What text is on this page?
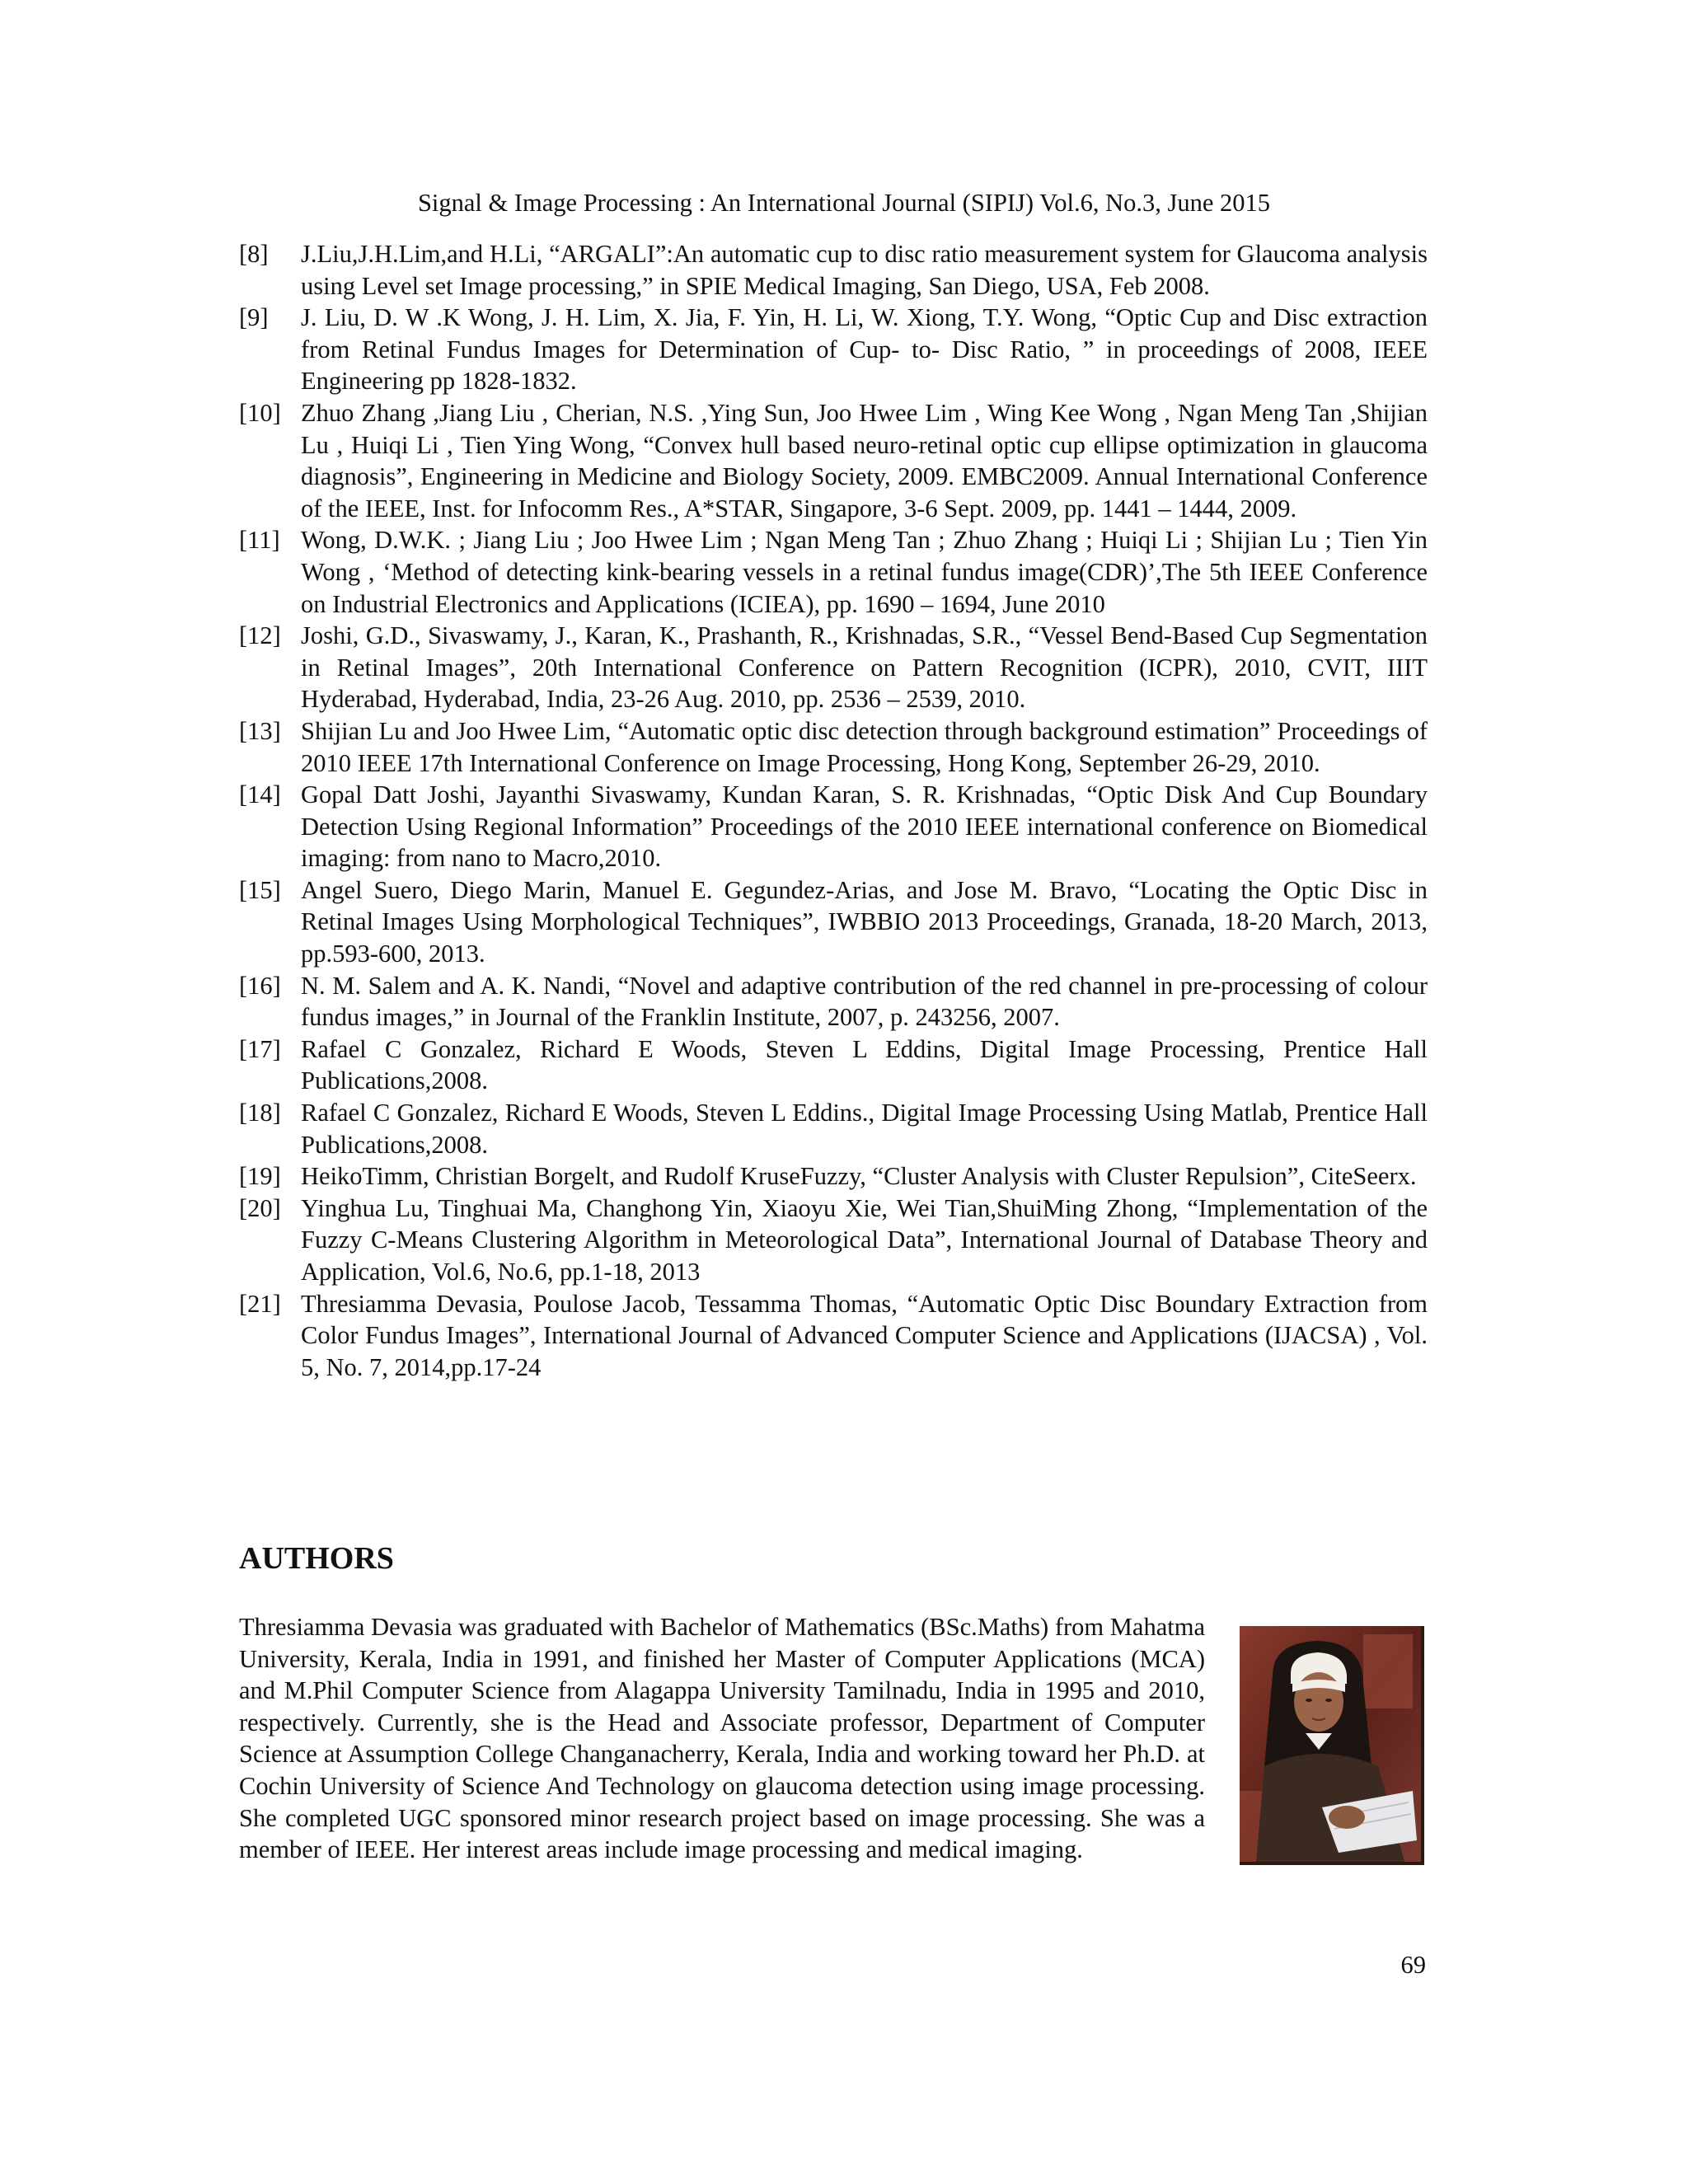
Signal & Image Processing : An International Journal (SIPIJ) Vol.6, No.3, June 2015
[8]	J.Liu,J.H.Lim,and H.Li, “ARGALI”:An automatic cup to disc ratio measurement system for Glaucoma analysis using Level set Image processing,” in SPIE Medical Imaging, San Diego, USA, Feb 2008.
[9]	J. Liu, D. W .K Wong, J. H. Lim, X. Jia, F. Yin, H. Li, W. Xiong, T.Y. Wong, “Optic Cup and Disc extraction from Retinal Fundus Images for Determination of Cup- to- Disc Ratio, ” in proceedings of 2008, IEEE Engineering pp 1828-1832.
[10] Zhuo Zhang ,Jiang Liu , Cherian, N.S. ,Ying Sun, Joo Hwee Lim , Wing Kee Wong , Ngan Meng Tan ,Shijian Lu , Huiqi Li , Tien Ying Wong, “Convex hull based neuro-retinal optic cup ellipse optimization in glaucoma diagnosis”, Engineering in Medicine and Biology Society, 2009. EMBC2009. Annual International Conference of the IEEE, Inst. for Infocomm Res., A*STAR, Singapore, 3-6 Sept. 2009, pp. 1441 – 1444, 2009.
[11] Wong, D.W.K. ; Jiang Liu ; Joo Hwee Lim ; Ngan Meng Tan ; Zhuo Zhang ; Huiqi Li ; Shijian Lu ; Tien Yin Wong , ‘Method of detecting kink-bearing vessels in a retinal fundus image(CDR)’,The 5th IEEE Conference on Industrial Electronics and Applications (ICIEA), pp. 1690 – 1694, June 2010
[12] Joshi, G.D., Sivaswamy, J., Karan, K., Prashanth, R., Krishnadas, S.R., “Vessel Bend-Based Cup Segmentation in Retinal Images”, 20th International Conference on Pattern Recognition (ICPR), 2010, CVIT, IIIT Hyderabad, Hyderabad, India, 23-26 Aug. 2010, pp. 2536 – 2539, 2010.
[13] Shijian Lu and Joo Hwee Lim, “Automatic optic disc detection through background estimation” Proceedings of 2010 IEEE 17th International Conference on Image Processing, Hong Kong, September 26-29, 2010.
[14] Gopal Datt Joshi, Jayanthi Sivaswamy, Kundan Karan, S. R. Krishnadas, “Optic Disk And Cup Boundary Detection Using Regional Information” Proceedings of the 2010 IEEE international conference on Biomedical imaging: from nano to Macro,2010.
[15] Angel Suero, Diego Marin, Manuel E. Gegundez-Arias, and Jose M. Bravo, “Locating the Optic Disc in Retinal Images Using Morphological Techniques”, IWBBIO 2013 Proceedings, Granada, 18-20 March, 2013, pp.593-600, 2013.
[16] N. M. Salem and A. K. Nandi, “Novel and adaptive contribution of the red channel in pre-processing of colour fundus images,” in Journal of the Franklin Institute, 2007, p. 243256, 2007.
[17] Rafael C Gonzalez, Richard E Woods, Steven L Eddins, Digital Image Processing, Prentice Hall Publications,2008.
[18] Rafael C Gonzalez, Richard E Woods, Steven L Eddins., Digital Image Processing Using Matlab, Prentice Hall Publications,2008.
[19] HeikoTimm, Christian Borgelt, and Rudolf KruseFuzzy, “Cluster Analysis with Cluster Repulsion”, CiteSeerx.
[20] Yinghua Lu, Tinghuai Ma, Changhong Yin, Xiaoyu Xie, Wei Tian,ShuiMing Zhong, “Implementation of the Fuzzy C-Means Clustering Algorithm in Meteorological Data”, International Journal of Database Theory and Application, Vol.6, No.6, pp.1-18, 2013
[21] Thresiamma Devasia, Poulose Jacob, Tessamma Thomas, “Automatic Optic Disc Boundary Extraction from Color Fundus Images”, International Journal of Advanced Computer Science and Applications (IJACSA) , Vol. 5, No. 7, 2014,pp.17-24
AUTHORS

Thresiamma Devasia was graduated with Bachelor of Mathematics (BSc.Maths) from Mahatma University, Kerala, India in 1991, and finished her Master of Computer Applications (MCA) and M.Phil Computer Science from Alagappa University Tamilnadu, India in 1995 and 2010, respectively. Currently, she is the Head and Associate professor, Department of Computer Science at Assumption College Changanacherry, Kerala, India and working toward her Ph.D. at Cochin University of Science And Technology on glaucoma detection using image processing. She completed UGC sponsored minor research project based on image processing. She was a member of IEEE. Her interest areas include image processing and medical imaging.

69
